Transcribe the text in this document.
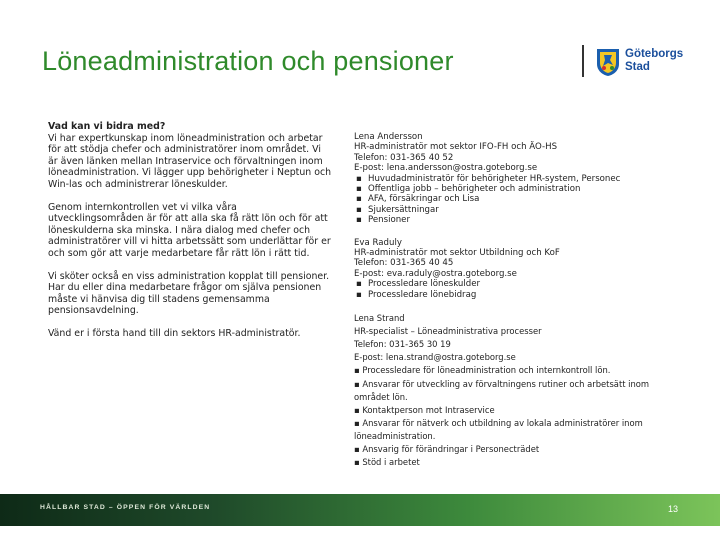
Löneadministration och pensioner	Göteborgs
Stad

Vad kan vi bidra med?
Vi har expertkunskap inom löneadministration och arbetar för att stödja chefer och administratörer inom området. Vi är även länken mellan Intraservice och förvaltningen inom löneadministration. Vi lägger upp behörigheter i Neptun och Win-las och administrerar löneskulder.

Genom internkontrollen vet vi vilka våra utvecklingsområden är för att alla ska få rätt lön och för att löneskulderna ska minska. I nära dialog med chefer och administratörer vill vi hitta arbetssätt som underlättar för er och som gör att varje medarbetare får rätt lön i rätt tid.

Vi sköter också en viss administration kopplat till pensioner. Har du eller dina medarbetare frågor om själva pensionen måste vi hänvisa dig till stadens gemensamma pensionsavdelning.

Vänd er i första hand till din sektors HR-administratör.

Lena Andersson
HR-administratör mot sektor IFO-FH och ÄO-HS
Telefon: 031-365 40 52
E-post: lena.andersson@ostra.goteborg.se
▪ Huvudadministratör för behörigheter HR-system, Personec
▪ Offentliga jobb – behörigheter och administration
▪ AFA, försäkringar och Lisa
▪ Sjukersättningar
▪ Pensioner
Eva Raduly
HR-administratör mot sektor Utbildning och KoF
Telefon: 031-365 40 45
E-post: eva.raduly@ostra.goteborg.se
▪ Processledare löneskulder
▪ Processledare lönebidrag
Lena Strand
HR-specialist – Löneadministrativa processer
Telefon: 031-365 30 19
E-post: lena.strand@ostra.goteborg.se
▪ Processledare för löneadministration och internkontroll lön.
▪ Ansvarar för utveckling av förvaltningens rutiner och arbetsätt inom området lön.
▪ Kontaktperson mot Intraservice
▪ Ansvarar för nätverk och utbildning av lokala administratörer inom löneadministration.
▪ Ansvarig för förändringar i Personecträdet
▪ Stöd i arbetet
HÅLLBAR STAD – ÖPPEN FÖR VÄRLDEN	13
